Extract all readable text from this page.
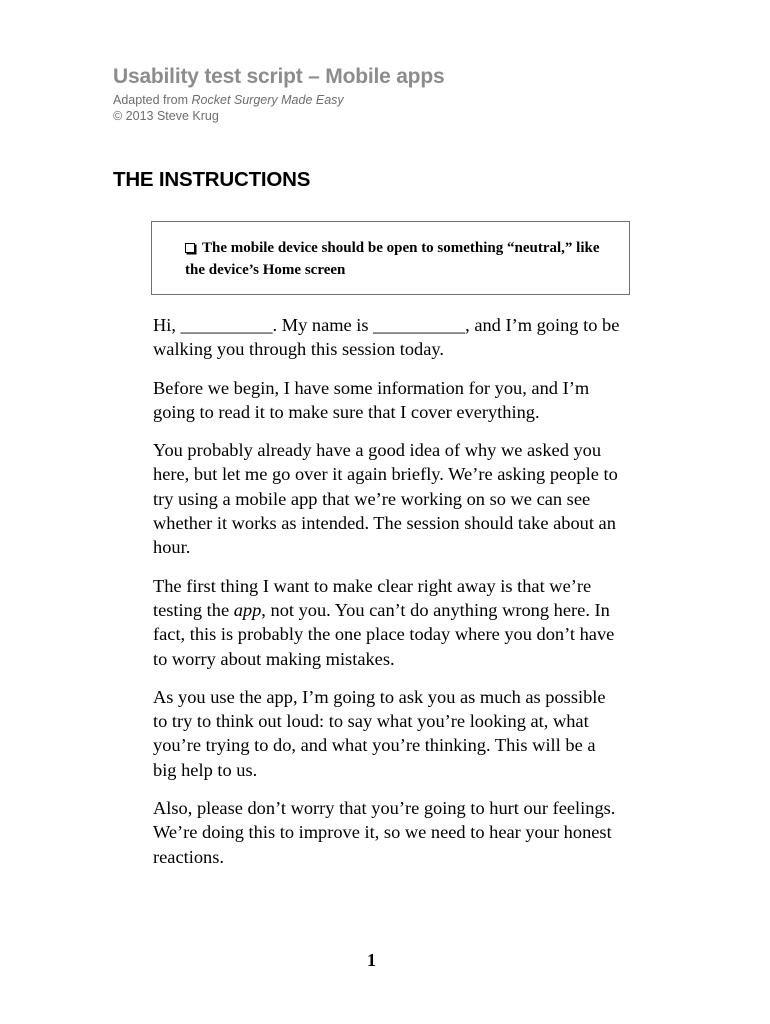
Usability test script – Mobile apps
Adapted from Rocket Surgery Made Easy
© 2013 Steve Krug
THE INSTRUCTIONS
The mobile device should be open to something “neutral,” like the device’s Home screen

Hi, __________. My name is __________, and I’m going to be walking you through this session today.

Before we begin, I have some information for you, and I’m going to read it to make sure that I cover everything.

You probably already have a good idea of why we asked you here, but let me go over it again briefly. We’re asking people to try using a mobile app that we’re working on so we can see whether it works as intended. The session should take about an hour.

The first thing I want to make clear right away is that we’re testing the app, not you. You can’t do anything wrong here. In fact, this is probably the one place today where you don’t have to worry about making mistakes.

As you use the app, I’m going to ask you as much as possible to try to think out loud: to say what you’re looking at, what you’re trying to do, and what you’re thinking. This will be a big help to us.

Also, please don’t worry that you’re going to hurt our feelings. We’re doing this to improve it, so we need to hear your honest reactions.

1
